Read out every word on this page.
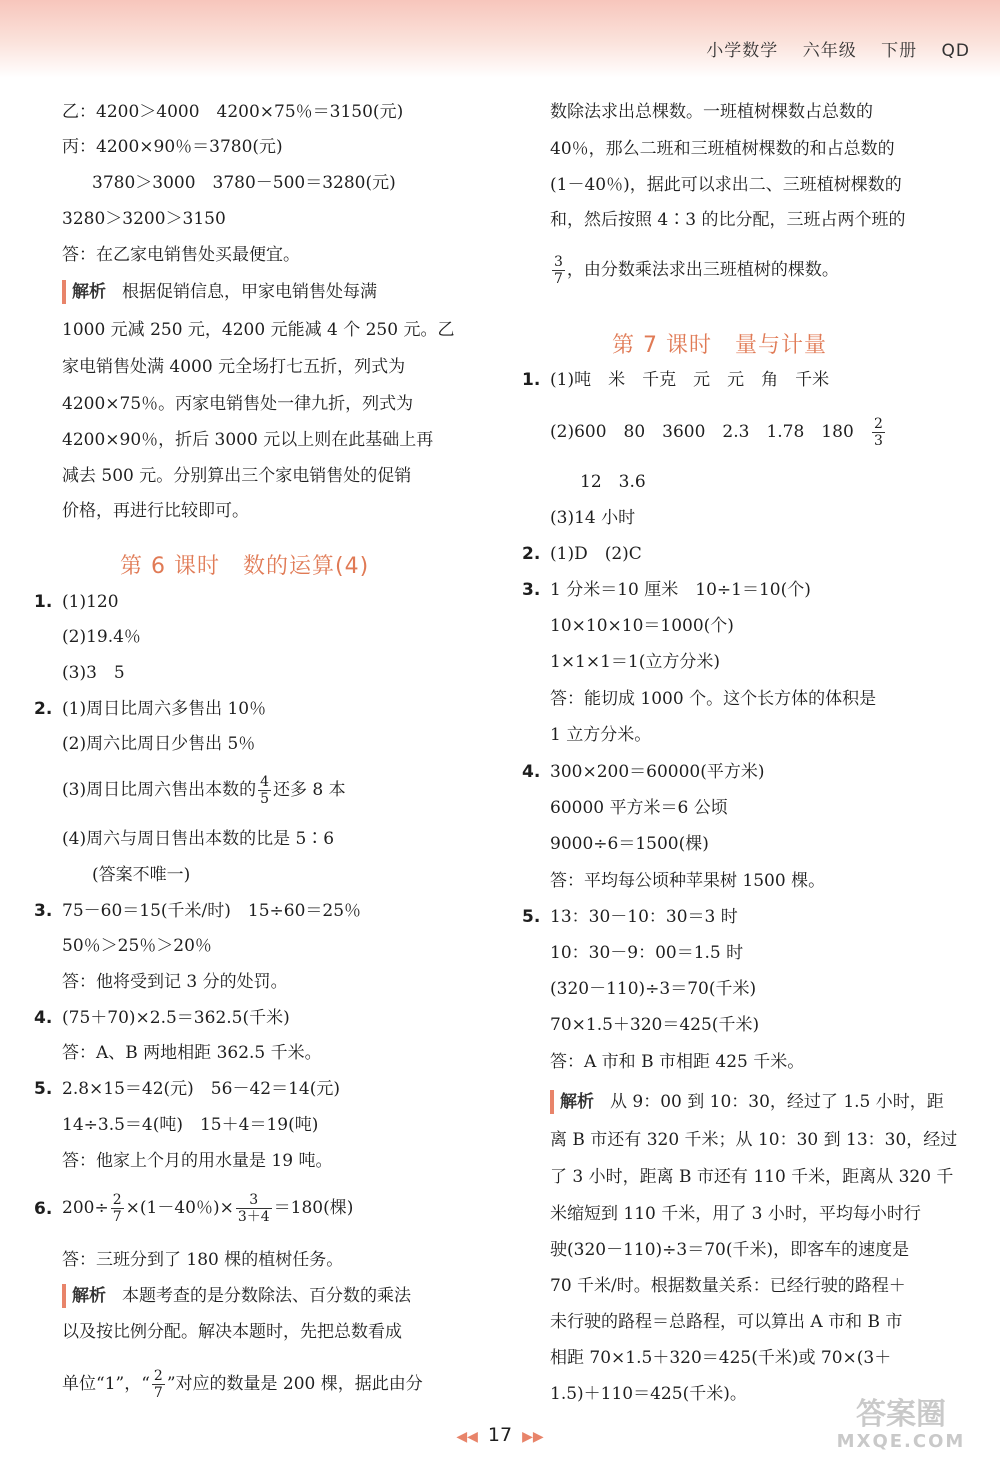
小学数学 六年级 下册 QD
乙：4200＞4000　4200×75％＝3150(元)
丙：4200×90％＝3780(元)
3780＞3000　3780－500＝3280(元)
3280＞3200＞3150
答：在乙家电销售处买最便宜。
解析 根据促销信息，甲家电销售处每满
1000 元减 250 元，4200 元能减 4 个 250 元。乙
家电销售处满 4000 元全场打七五折，列式为
4200×75％。丙家电销售处一律九折，列式为
4200×90％，折后 3000 元以上则在此基础上再
减去 500 元。分别算出三个家电销售处的促销
价格，再进行比较即可。
第 6 课时　数的运算(4)
1. (1)120
(2)19.4％
(3)3　5
2. (1)周日比周六多售出 10％
(2)周六比周日少售出 5％
(3)周日比周六售出本数的 $\frac{4}{5}$ 还多 8 本
(4)周六与周日售出本数的比是 5∶6
(答案不唯一)
3. 75－60＝15(千米/时)　15÷60＝25％
50％＞25％＞20％
答：他将受到记 3 分的处罚。
4. (75＋70)×2.5＝362.5(千米)
答：A、B 两地相距 362.5 千米。
5. 2.8×15＝42(元)　56－42＝14(元)
14÷3.5＝4(吨)　15＋4＝19(吨)
答：他家上个月的用水量是 19 吨。
6. $200\div \frac{2}{7} \times(1-40$％)× $\frac{3}{3+4} =180$(棵)
答：三班分到了 180 棵的植树任务。
解析 本题考查的是分数除法、百分数的乘法
以及按比例分配。解决本题时，先把总数看成
单位“1”，“ $\frac{2}{7}$ ”对应的数量是 200 棵，据此由分
数除法求出总棵数。一班植树棵数占总数的
40％，那么二班和三班植树棵数的和占总数的
(1－40％)，据此可以求出二、三班植树棵数的
和，然后按照 4∶3 的比分配，三班占两个班的
$\frac{3}{7}$ ，由分数乘法求出三班植树的棵数。
第 7 课时　量与计量
1. (1)吨　米　千克　元　元　角　千米
(2)600　80　3600　2.3　1.78　$180 \frac{2}{3}$
12　3.6
(3)14 小时
2. (1)D　(2)C
3. 1 分米＝10 厘米　10÷1＝10(个)
10×10×10＝1000(个)
1×1×1＝1(立方分米)
答：能切成 1000 个。这个长方体的体积是
1 立方分米。
4. 300×200＝60000(平方米)
60000 平方米＝6 公顷
9000÷6＝1500(棵)
答：平均每公顷种苹果树 1500 棵。
5. 13：30－10：30＝3 时
10：30－9：00＝1.5 时
(320－110)÷3＝70(千米)
70×1.5＋320＝425(千米)
答：A 市和 B 市相距 425 千米。
解析 从 9：00 到 10：30，经过了 1.5 小时，距
离 B 市还有 320 千米；从 10：30 到 13：30，经过
了 3 小时，距离 B 市还有 110 千米，距离从 320 千
米缩短到 110 千米，用了 3 小时，平均每小时行
驶(320－110)÷3＝70(千米)，即客车的速度是
70 千米/时。根据数量关系：已经行驶的路程＋
未行驶的路程＝总路程，可以算出 A 市和 B 市
相距 70×1.5＋320＝425(千米)或 70×(3＋
1.5)＋110＝425(千米)。
◀◀ 17 ▶▶
答案圈
MXQE.COM
